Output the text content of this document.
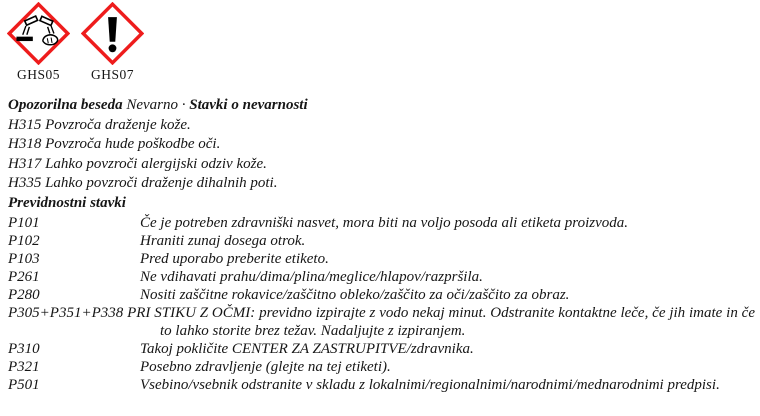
GHS05 GHS07

Opozorilna beseda Nevarno · Stavki o nevarnosti

H315 Povzroča draženje kože.

H318 Povzroča hude poškodbe oči.

H317 Lahko povzroči alergijski odziv kože.

H335 Lahko povzroči draženje dihalnih poti.

Previdnostni stavki

P101	Če je potreben zdravniški nasvet, mora biti na voljo posoda ali etiketa proizvoda.

P102	Hraniti zunaj dosega otrok.

P103	Pred uporabo preberite etiketo.

P261	Ne vdihavati prahu/dima/plina/meglice/hlapov/razpršila.

P280	Nositi zaščitne rokavice/zaščitno obleko/zaščito za oči/zaščito za obraz.

P305+P351+P338 PRI STIKU Z OČMI: previdno izpirajte z vodo nekaj minut. Odstranite kontaktne leče, če jih imate in če to lahko storite brez težav. Nadaljujte z izpiranjem.

P310	Takoj pokličite CENTER ZA ZASTRUPITVE/zdravnika.

P321	Posebno zdravljenje (glejte na tej etiketi).

P501	Vsebino/vsebnik odstranite v skladu z lokalnimi/regionalnimi/narodnimi/mednarodnimi predpisi.
